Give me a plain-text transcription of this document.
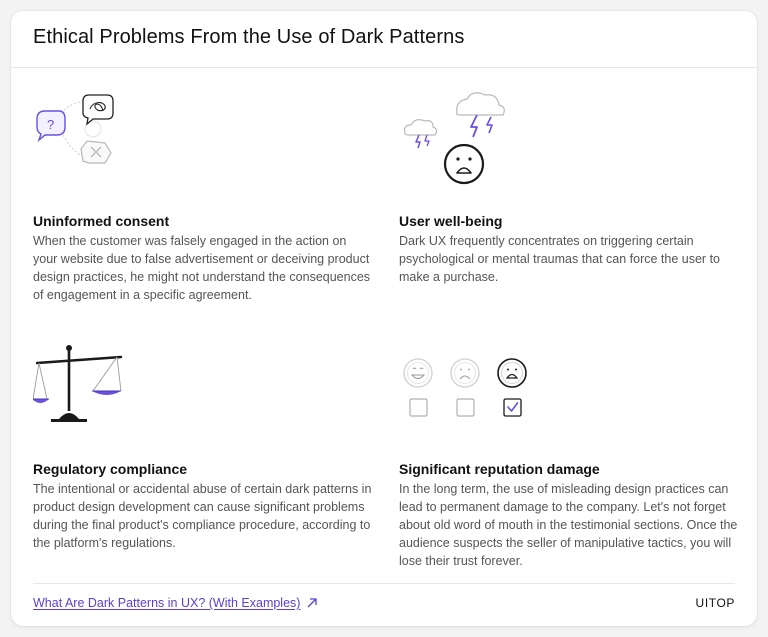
Ethical Problems From the Use of Dark Patterns
?
Uninformed consent

When the customer was falsely engaged in the action on your website due to false advertisement or deceiving product design practices, he might not understand the consequences of engagement in a specific agreement.

User well-being

Dark UX frequently concentrates on triggering certain psychological or mental traumas that can force the user to make a purchase.

Regulatory compliance

The intentional or accidental abuse of certain dark patterns in product design development can cause significant problems during the final product's compliance procedure, according to the platform's regulations.

Significant reputation damage

In the long term, the use of misleading design practices can lead to permanent damage to the company. Let's not forget about old word of mouth in the testimonial sections. Once the audience suspects the seller of manipulative tactics, you will lose their trust forever.

What Are Dark Patterns in UX? (With Examples)	UITOP
